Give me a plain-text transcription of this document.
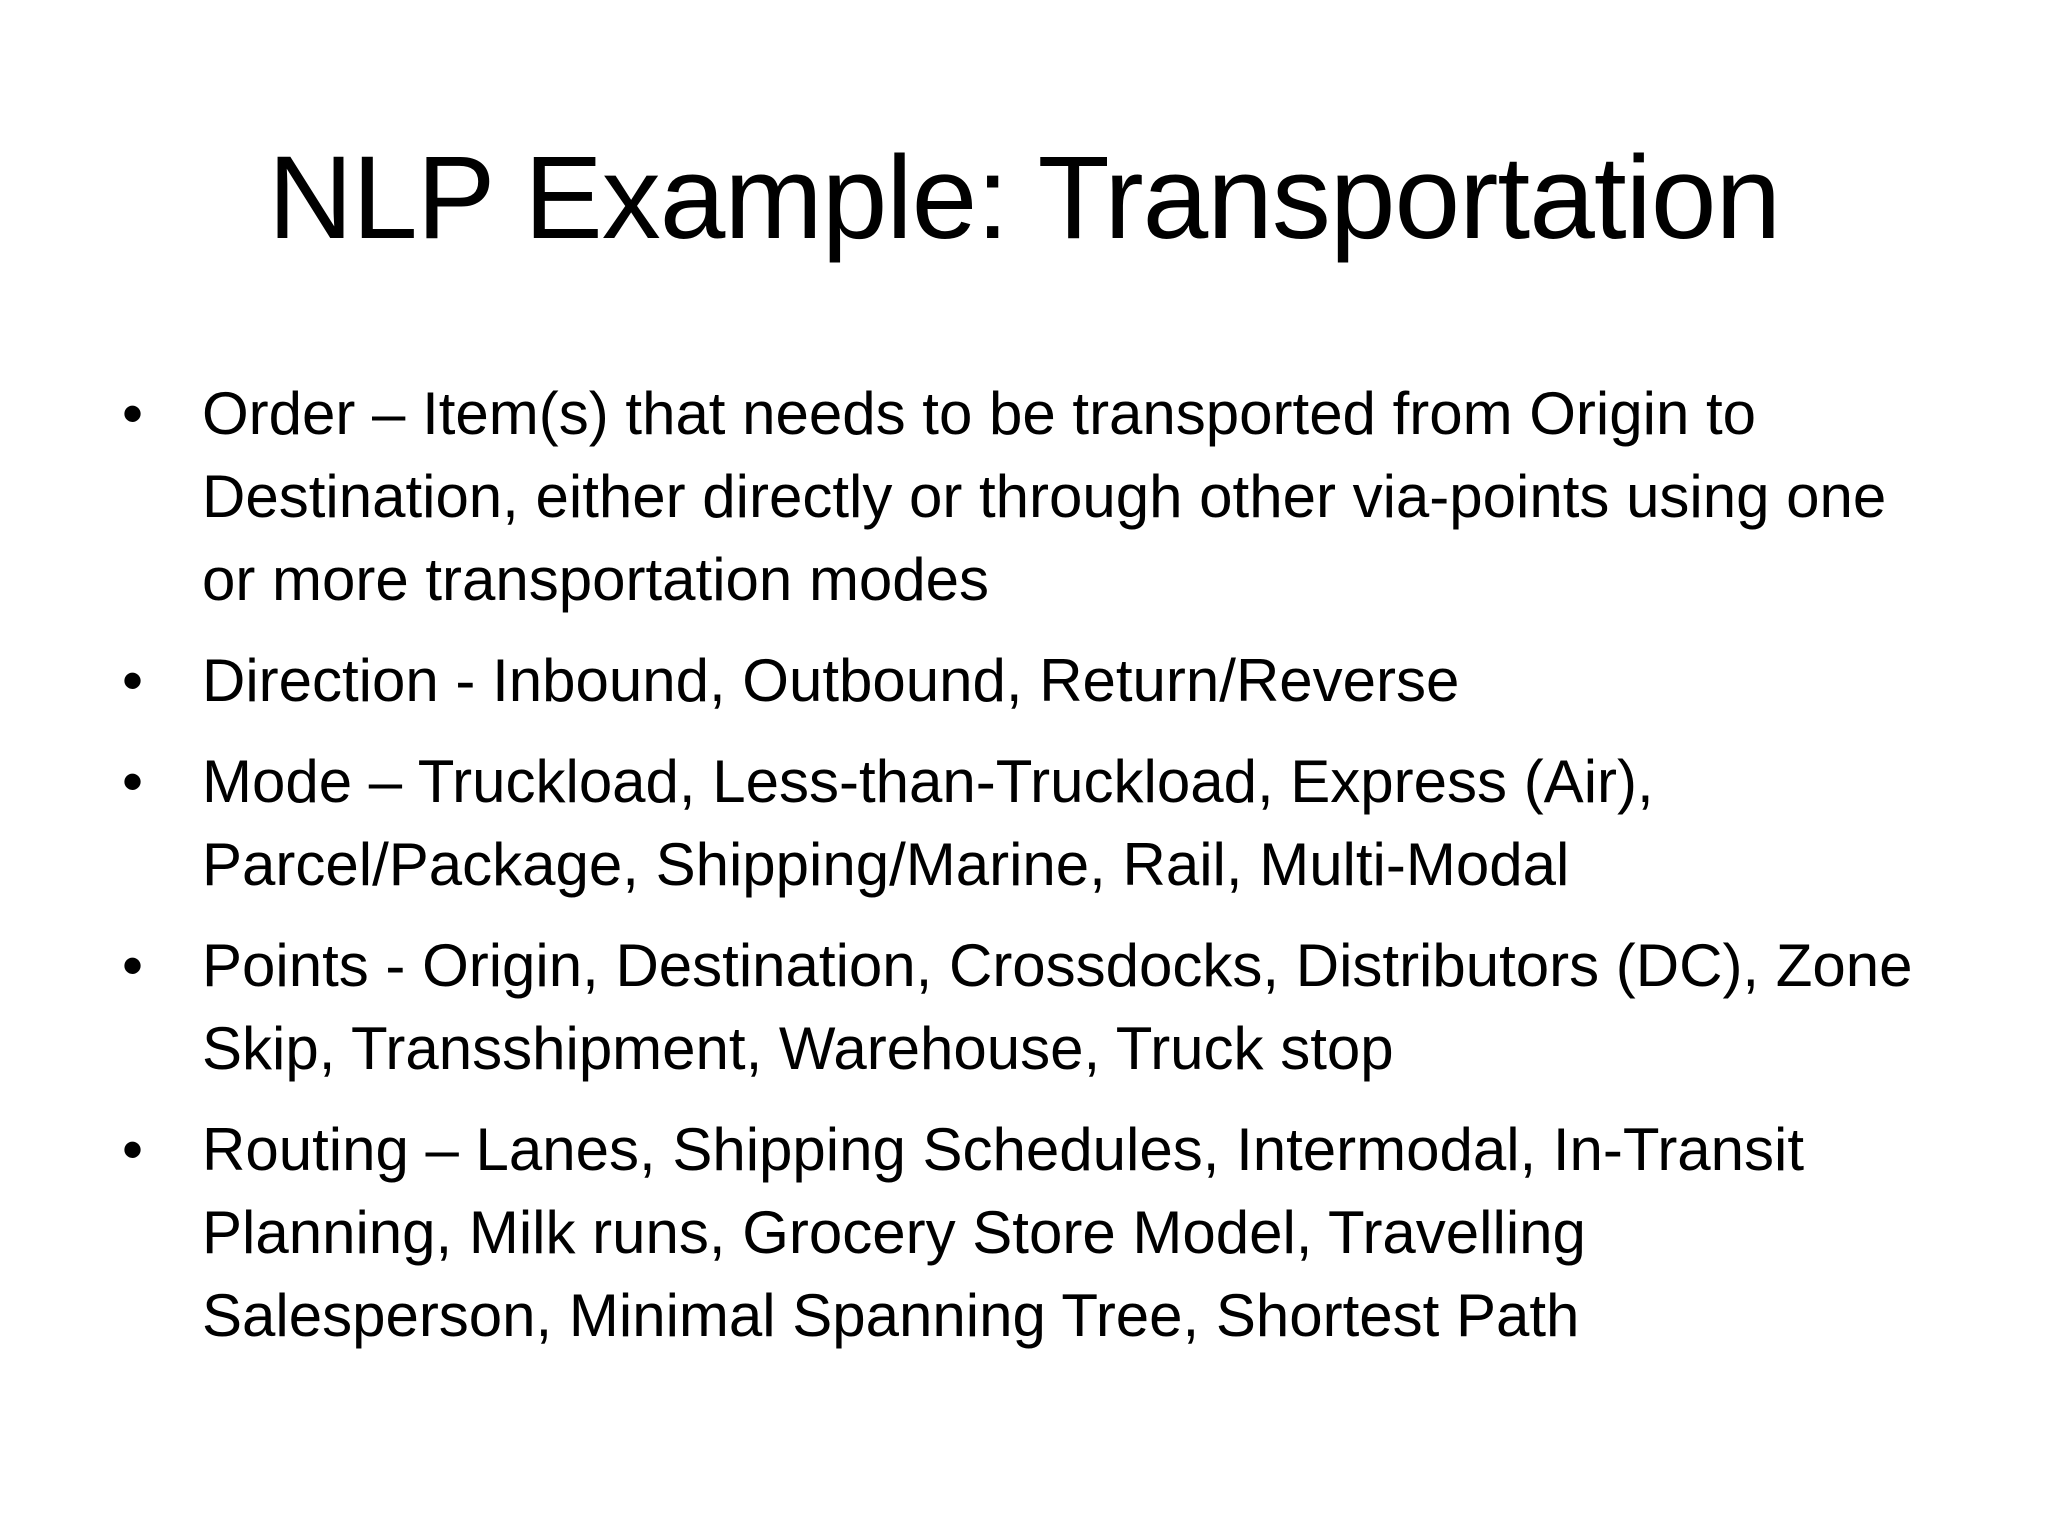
NLP Example: Transportation
• Order – Item(s) that needs to be transported from Origin to Destination, either directly or through other via-points using one or more transportation modes
• Direction - Inbound, Outbound, Return/Reverse
• Mode – Truckload, Less-than-Truckload, Express (Air), Parcel/Package, Shipping/Marine, Rail, Multi-Modal
• Points - Origin, Destination, Crossdocks, Distributors (DC), Zone Skip, Transshipment, Warehouse, Truck stop
• Routing – Lanes, Shipping Schedules, Intermodal, In-Transit Planning, Milk runs, Grocery Store Model, Travelling Salesperson, Minimal Spanning Tree, Shortest Path
